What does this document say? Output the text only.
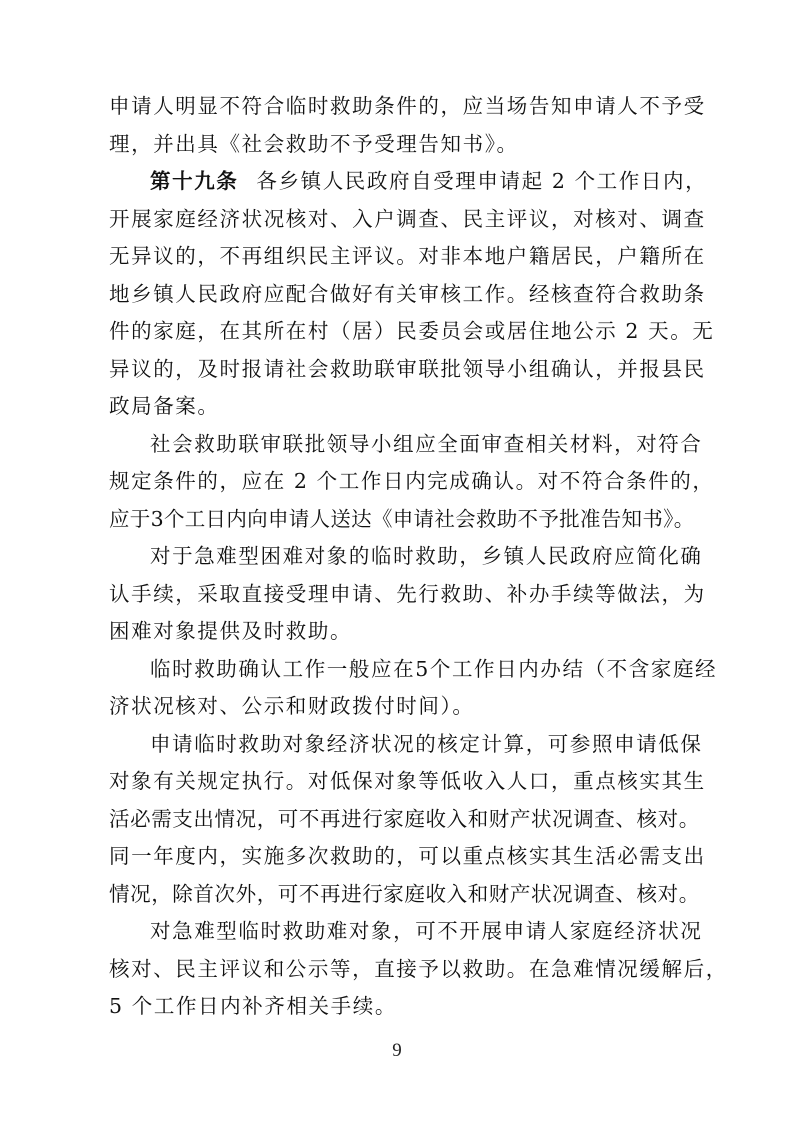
申请人明显不符合临时救助条件的，应当场告知申请人不予受
理，并出具《社会救助不予受理告知书》。
第十九条 各乡镇人民政府自受理申请起 2 个工作日内，
开展家庭经济状况核对、入户调查、民主评议，对核对、调查
无异议的，不再组织民主评议。对非本地户籍居民，户籍所在
地乡镇人民政府应配合做好有关审核工作。经核查符合救助条
件的家庭，在其所在村（居）民委员会或居住地公示 2 天。无
异议的，及时报请社会救助联审联批领导小组确认，并报县民
政局备案。
社会救助联审联批领导小组应全面审查相关材料，对符合
规定条件的，应在 2 个工作日内完成确认。对不符合条件的，
应于3个工日内向申请人送达《申请社会救助不予批准告知书》。
对于急难型困难对象的临时救助，乡镇人民政府应简化确
认手续，采取直接受理申请、先行救助、补办手续等做法，为
困难对象提供及时救助。
临时救助确认工作一般应在5个工作日内办结（不含家庭经
济状况核对、公示和财政拨付时间）。
申请临时救助对象经济状况的核定计算，可参照申请低保
对象有关规定执行。对低保对象等低收入人口，重点核实其生
活必需支出情况，可不再进行家庭收入和财产状况调查、核对。
同一年度内，实施多次救助的，可以重点核实其生活必需支出
情况，除首次外，可不再进行家庭收入和财产状况调查、核对。
对急难型临时救助难对象，可不开展申请人家庭经济状况
核对、民主评议和公示等，直接予以救助。在急难情况缓解后，
5 个工作日内补齐相关手续。
9
